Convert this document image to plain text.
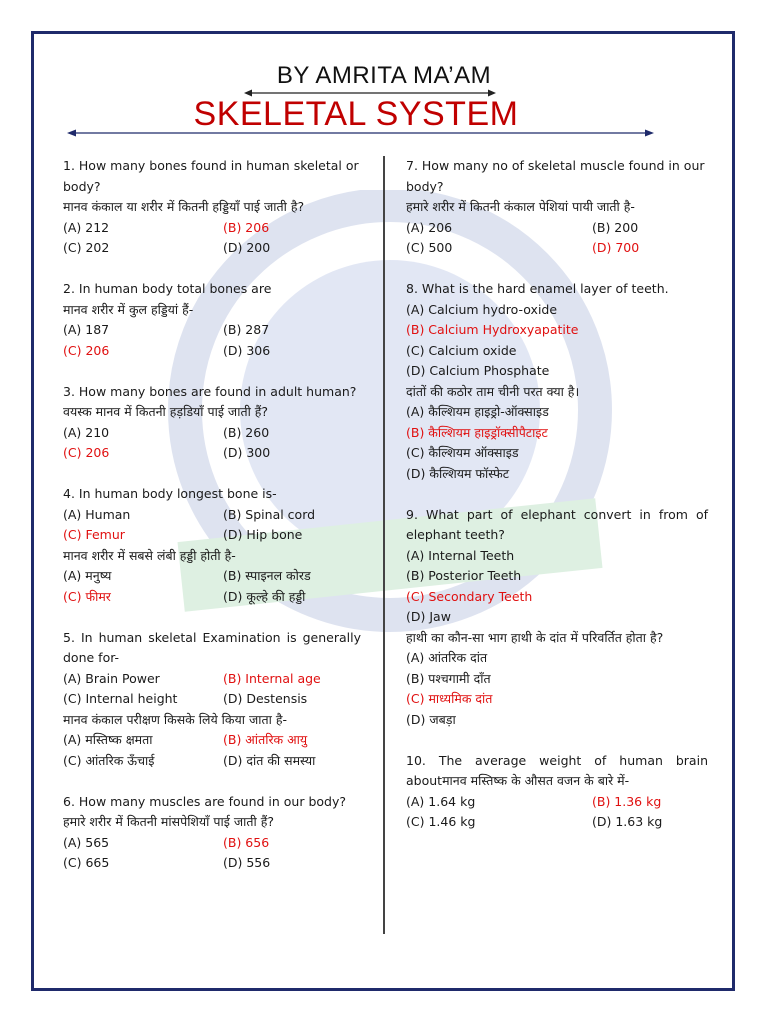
BY AMRITA MA’AM
SKELETAL SYSTEM

1. How many bones found in human skeletal or body?

मानव कंकाल या शरीर में कितनी हड्डियाँ पाई जाती है?

(A) 212	(B) 206
(C) 202	(D) 200

2. In human body total bones are

मानव शरीर में कुल हड्डियां हैं-

(A) 187	(B) 287
(C) 206	(D) 306

3. How many bones are found in adult human?

वयस्क मानव में कितनी हड़डियाँ पाई जाती हैं?

(A) 210	(B) 260
(C) 206	(D) 300

4. In human body longest bone is-

(A) Human	(B) Spinal cord
(C) Femur	(D) Hip bone

मानव शरीर में सबसे लंबी हड्डी होती है-

(A) मनुष्य	(B) स्पाइनल कोरड
(C) फीमर	(D) कूल्हे की हड्डी

5. In human skeletal Examination is generally done for-

(A) Brain Power	(B) Internal age
(C) Internal height	(D) Destensis

मानव कंकाल परीक्षण किसके लिये किया जाता है-

(A) मस्तिष्क क्षमता	(B) आंतरिक आयु
(C) आंतरिक ऊँचाई	(D) दांत की समस्या

6. How many muscles are found in our body?

हमारे शरीर में कितनी मांसपेशियाँ पाई जाती हैं?

(A) 565	(B) 656
(C) 665	(D) 556

7. How many no of skeletal muscle found in our body?

हमारे शरीर में कितनी कंकाल पेशियां पायी जाती है-

(A) 206	(B) 200
(C) 500	(D) 700

8. What is the hard enamel layer of teeth.

(A) Calcium hydro-oxide

(B) Calcium Hydroxyapatite

(C) Calcium oxide

(D) Calcium Phosphate

दांतों की कठोर ताम चीनी परत क्या है।

(A) कैल्शियम हाइड्रो-ऑक्साइड

(B) कैल्शियम हाइड्रॉक्सीपैटाइट

(C) कैल्शियम ऑक्साइड

(D) कैल्शियम फॉस्फेट

9. What part of elephant convert in from of elephant teeth?

(A) Internal Teeth

(B) Posterior Teeth

(C) Secondary Teeth

(D) Jaw

हाथी का कौन-सा भाग हाथी के दांत में परिवर्तित होता है?

(A) आंतरिक दांत

(B) पश्चगामी दाँत

(C) माध्यमिक दांत

(D) जबड़ा

10. The average weight of human brain aboutमानव मस्तिष्क के औसत वजन के बारे में-

(A) 1.64 kg	(B) 1.36 kg
(C) 1.46 kg	(D) 1.63 kg
